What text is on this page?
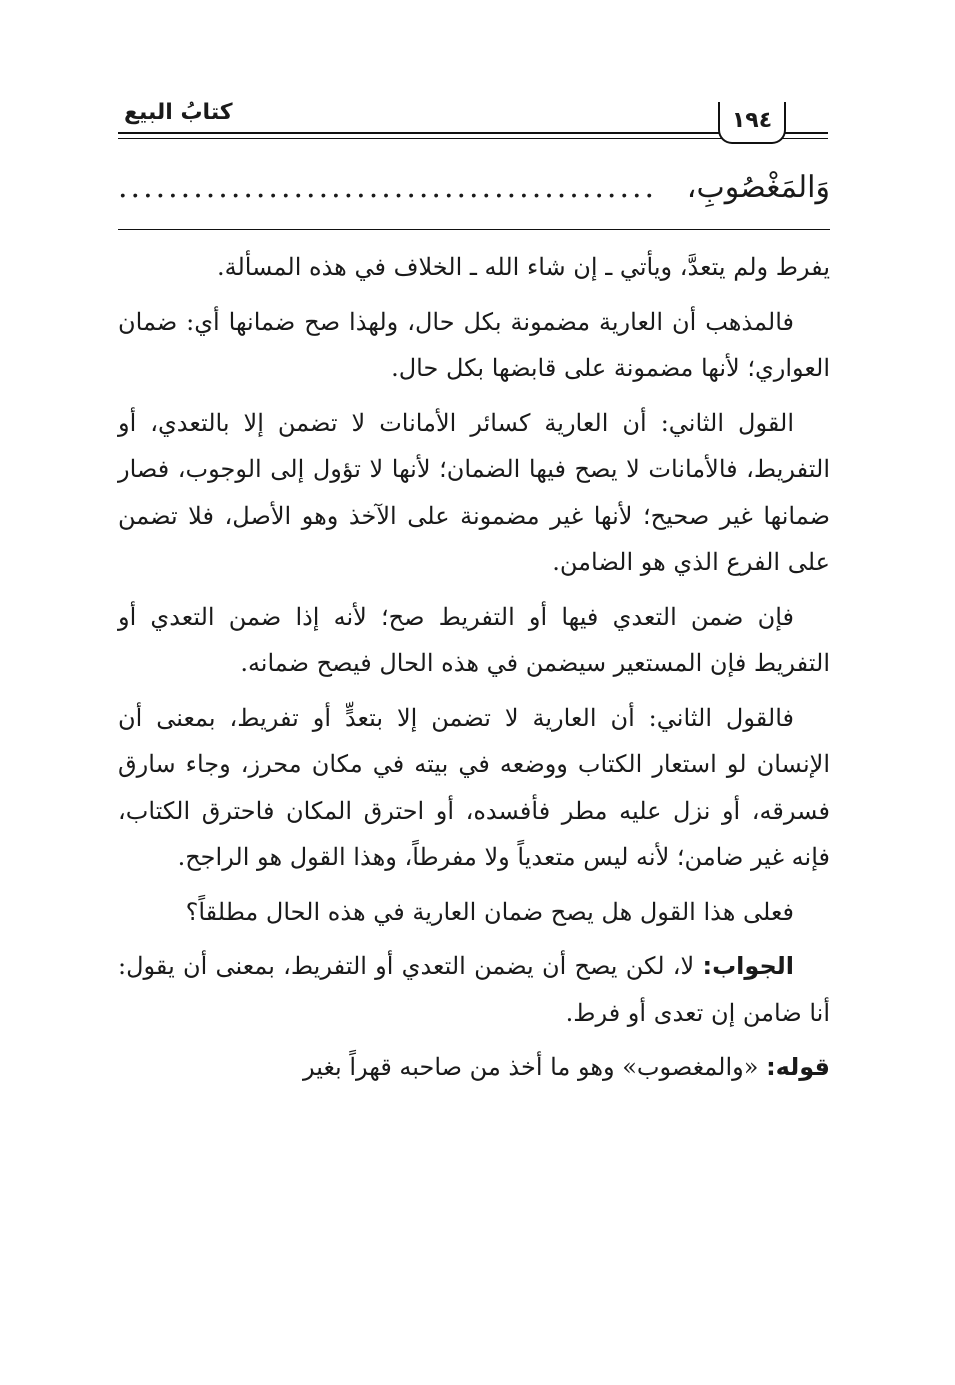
١٩٤
كتابُ البيع
وَالمَغْصُوبِ،
...........................................

يفرط ولم يتعدَّ، ويأتي ـ إن شاء الله ـ الخلاف في هذه المسألة.

فالمذهب أن العارية مضمونة بكل حال، ولهذا صح ضمانها أي: ضمان العواري؛ لأنها مضمونة على قابضها بكل حال.

القول الثاني: أن العارية كسائر الأمانات لا تضمن إلا بالتعدي، أو التفريط، فالأمانات لا يصح فيها الضمان؛ لأنها لا تؤول إلى الوجوب، فصار ضمانها غير صحيح؛ لأنها غير مضمونة على الآخذ وهو الأصل، فلا تضمن على الفرع الذي هو الضامن.

فإن ضمن التعدي فيها أو التفريط صح؛ لأنه إذا ضمن التعدي أو التفريط فإن المستعير سيضمن في هذه الحال فيصح ضمانه.

فالقول الثاني: أن العارية لا تضمن إلا بتعدٍّ أو تفريط، بمعنى أن الإنسان لو استعار الكتاب ووضعه في بيته في مكان محرز، وجاء سارق فسرقه، أو نزل عليه مطر فأفسده، أو احترق المكان فاحترق الكتاب، فإنه غير ضامن؛ لأنه ليس متعدياً ولا مفرطاً، وهذا القول هو الراجح.

فعلى هذا القول هل يصح ضمان العارية في هذه الحال مطلقاً؟

الجواب: لا، لكن يصح أن يضمن التعدي أو التفريط، بمعنى أن يقول: أنا ضامن إن تعدى أو فرط.

قوله: «والمغصوب» وهو ما أخذ من صاحبه قهراً بغير
